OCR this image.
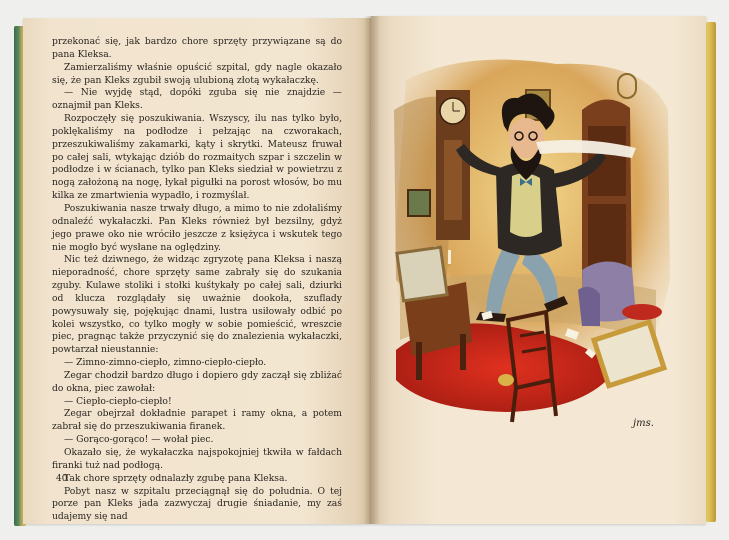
przekonać się, jak bardzo chore sprzęty przywiązane są do pana Kleksa.

Zamierzaliśmy właśnie opuścić szpital, gdy nagle okazało się, że pan Kleks zgubił swoją ulubioną złotą wykałaczkę.

— Nie wyjdę stąd, dopóki zguba się nie znajdzie — oznajmił pan Kleks.

Rozpoczęły się poszukiwania. Wszyscy, ilu nas tylko było, poklękaliśmy na podłodze i pełzając na czworakach, przeszukiwaliśmy zakamarki, kąty i skrytki. Mateusz fruwał po całej sali, wtykając dziób do rozmaitych szpar i szczelin w podłodze i w ścianach, tylko pan Kleks siedział w powietrzu z nogą założoną na nogę, łykał pigułki na porost włosów, bo mu kilka ze zmartwienia wypadło, i rozmyślał.

Poszukiwania nasze trwały długo, a mimo to nie zdołaliśmy odnaleźć wykałaczki. Pan Kleks również był bezsilny, gdyż jego prawe oko nie wróciło jeszcze z księżyca i wskutek tego nie mogło być wysłane na oględziny.

Nic też dziwnego, że widząc zgryzotę pana Kleksa i naszą nieporadność, chore sprzęty same zabrały się do szukania zguby. Kulawe stoliki i stołki kuśtykały po całej sali, dziurki od klucza rozglądały się uważnie dookoła, szuflady powysuwały się, pojękując dnami, lustra usiłowały odbić po kolei wszystko, co tylko mogły w sobie pomieścić, wreszcie piec, pragnąc także przyczynić się do znalezienia wykałaczki, powtarzał nieustannie:

— Zimno-zimno-ciepło, zimno-ciepło-ciepło.

Zegar chodził bardzo długo i dopiero gdy zaczął się zbliżać do okna, piec zawołał:

— Ciepło-ciepło-ciepło!

Zegar obejrzał dokładnie parapet i ramy okna, a potem zabrał się do przeszukiwania firanek.

— Gorąco-gorąco! — wołał piec.

Okazało się, że wykałaczka najspokojniej tkwiła w fałdach firanki tuż nad podłogą.

Tak chore sprzęty odnalazły zgubę pana Kleksa.

Pobyt nasz w szpitalu przeciągnął się do południa. O tej porze pan Kleks jada zazwyczaj drugie śniadanie, my zaś udajemy się nad

40
jms.
